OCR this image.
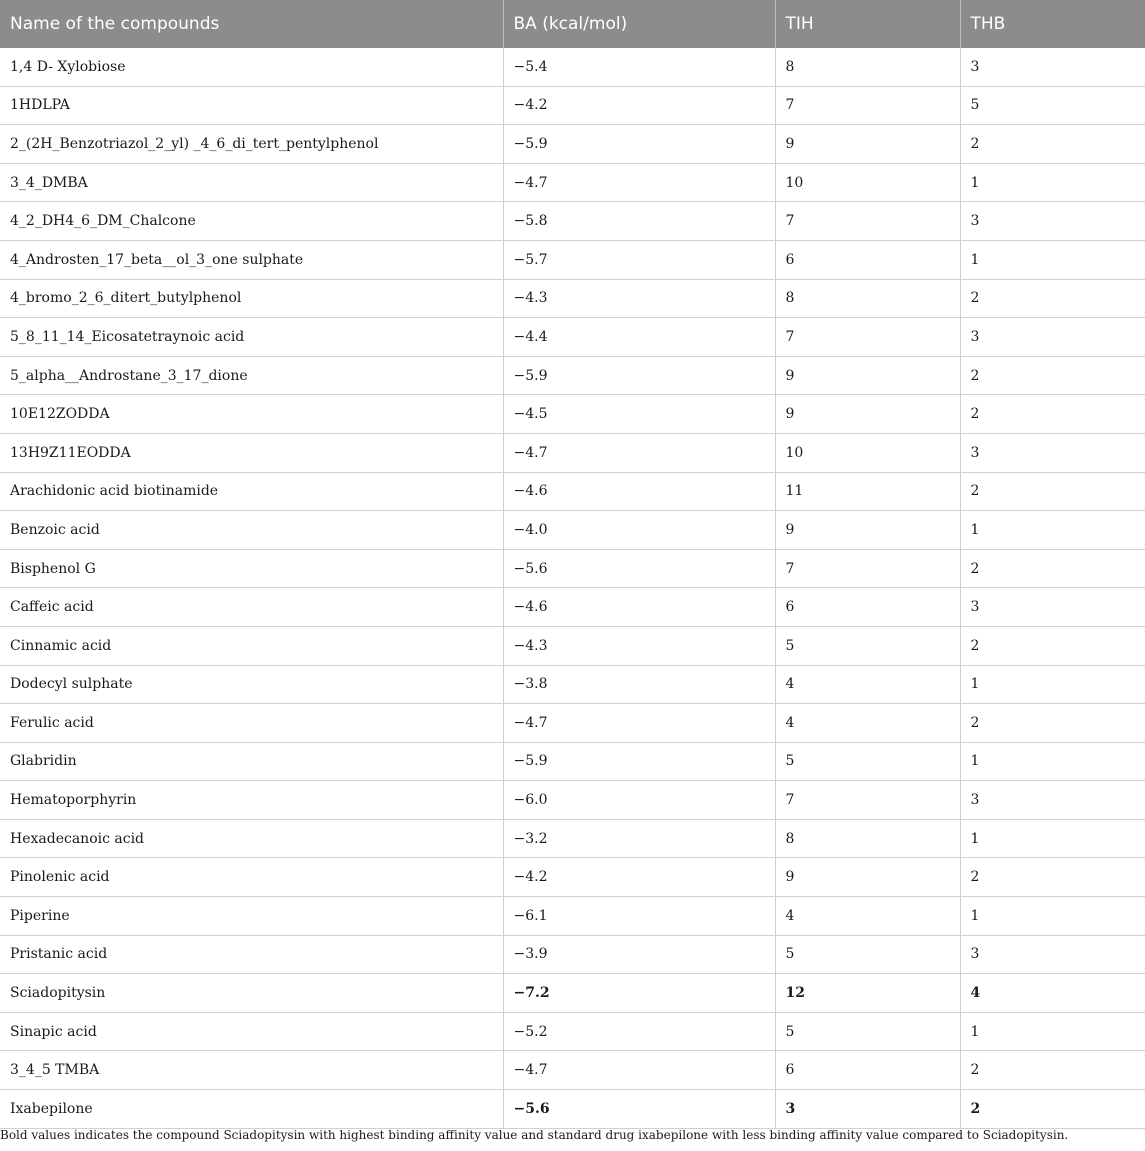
Name of the compounds	BA (kcal/mol)	TIH	THB
1,4 D- Xylobiose	−5.4	8	3
1HDLPA	−4.2	7	5
2_(2H_Benzotriazol_2_yl) _4_6_di_tert_pentylphenol	−5.9	9	2
3_4_DMBA	−4.7	10	1
4_2_DH4_6_DM_Chalcone	−5.8	7	3
4_Androsten_17_beta__ol_3_one sulphate	−5.7	6	1
4_bromo_2_6_ditert_butylphenol	−4.3	8	2
5_8_11_14_Eicosatetraynoic acid	−4.4	7	3
5_alpha__Androstane_3_17_dione	−5.9	9	2
10E12ZODDA	−4.5	9	2
13H9Z11EODDA	−4.7	10	3
Arachidonic acid biotinamide	−4.6	11	2
Benzoic acid	−4.0	9	1
Bisphenol G	−5.6	7	2
Caffeic acid	−4.6	6	3
Cinnamic acid	−4.3	5	2
Dodecyl sulphate	−3.8	4	1
Ferulic acid	−4.7	4	2
Glabridin	−5.9	5	1
Hematoporphyrin	−6.0	7	3
Hexadecanoic acid	−3.2	8	1
Pinolenic acid	−4.2	9	2
Piperine	−6.1	4	1
Pristanic acid	−3.9	5	3
Sciadopitysin	−7.2	12	4
Sinapic acid	−5.2	5	1
3_4_5 TMBA	−4.7	6	2
Ixabepilone	−5.6	3	2
Bold values indicates the compound Sciadopitysin with highest binding affinity value and standard drug ixabepilone with less binding affinity value compared to Sciadopitysin.
